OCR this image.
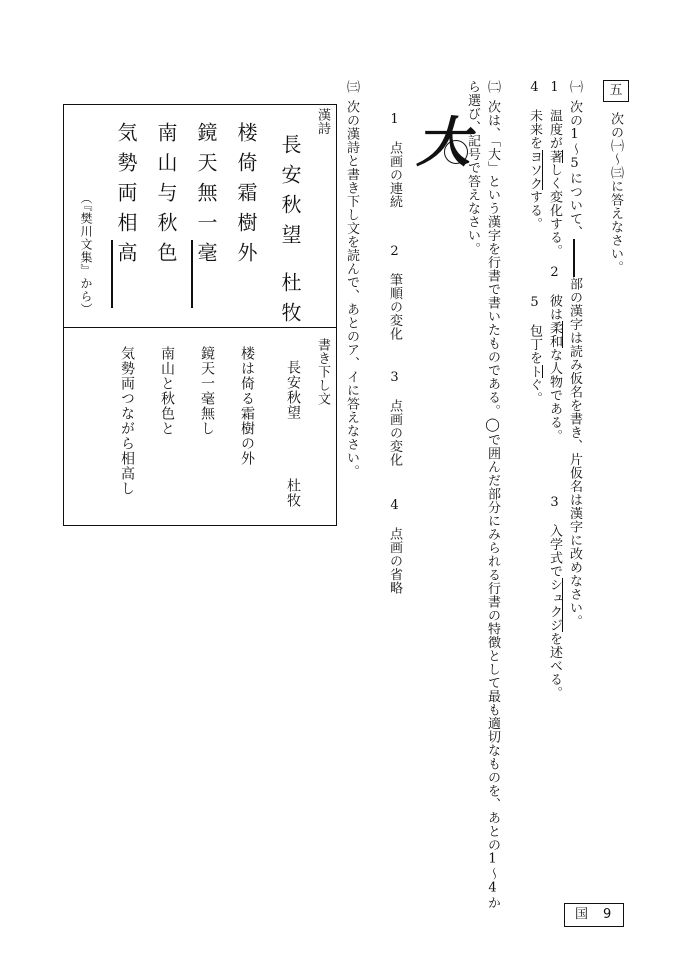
五
次の㈠〜㈢に答えなさい。
㈠
次の1〜5について、部の漢字は読み仮名を書き、片仮名は漢字に改めなさい。
1　温度が著しく変化する。
2　彼は柔和な人物である。
3　入学式でシュクジを述べる。
4　未来をヨソクする。
5　包丁をトぐ。
㈡
次は、「大」という漢字を行書で書いたものである。◯で囲んだ部分にみられる行書の特徴として最も適切なものを、あとの1〜4か
ら選び、記号で答えなさい。
大
1　点画の連続
2　筆順の変化
3　点画の変化
4　点画の省略
㈢
次の漢詩と書き下し文を読んで、あとのア、イに答えなさい。
漢詩
長安秋望
杜牧
楼倚霜樹外
鏡天無一毫
南山与秋色
気勢両相高
（『樊川文集』から）
書き下し文
長安秋望
杜牧
楼は倚る霜樹の外
鏡天一毫無し
南山と秋色と
気勢両つながら相高し
国 9
